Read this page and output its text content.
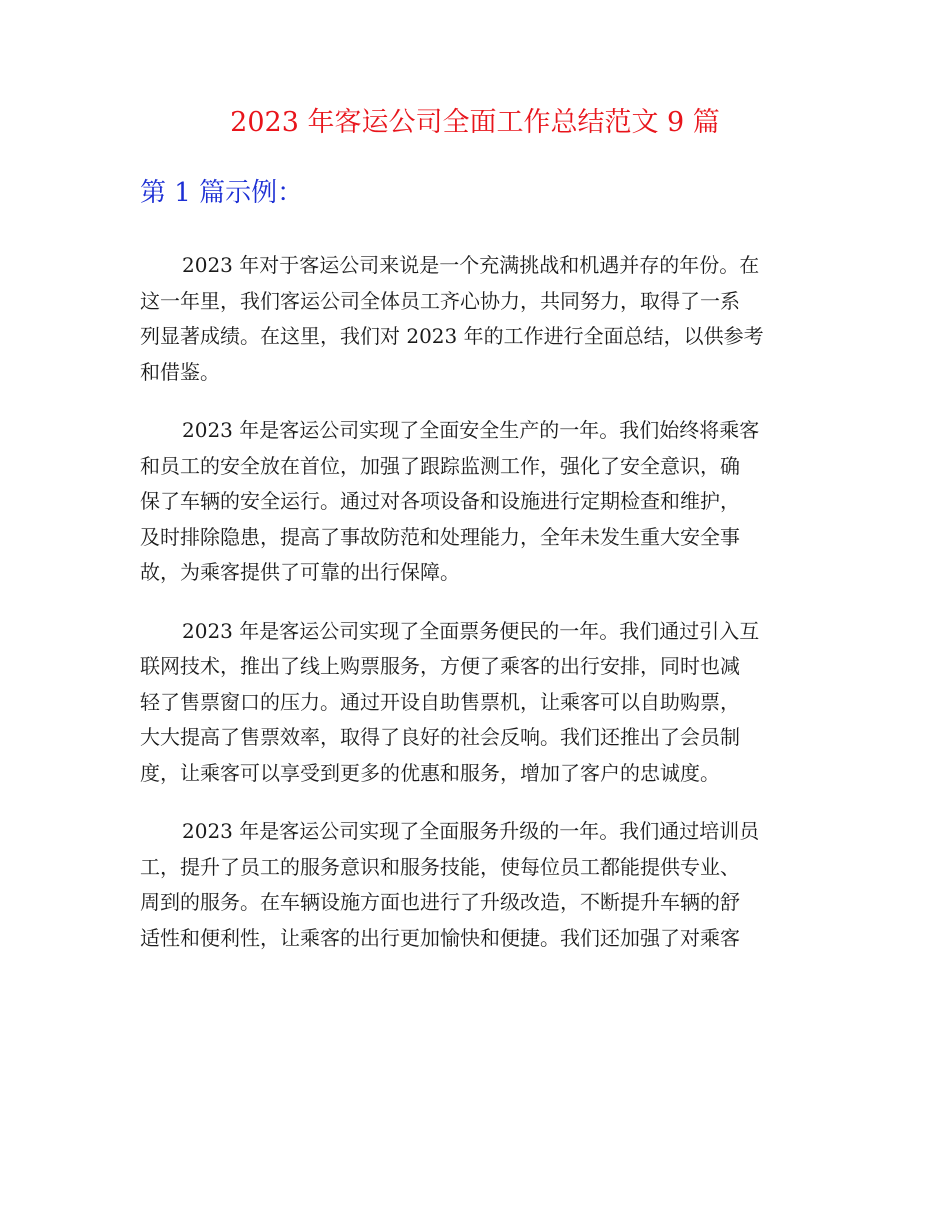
2023 年客运公司全面工作总结范文 9 篇
第 1 篇示例：

2023 年对于客运公司来说是一个充满挑战和机遇并存的年份。在
这一年里，我们客运公司全体员工齐心协力，共同努力，取得了一系
列显著成绩。在这里，我们对 2023 年的工作进行全面总结，以供参考
和借鉴。

2023 年是客运公司实现了全面安全生产的一年。我们始终将乘客
和员工的安全放在首位，加强了跟踪监测工作，强化了安全意识，确
保了车辆的安全运行。通过对各项设备和设施进行定期检查和维护，
及时排除隐患，提高了事故防范和处理能力，全年未发生重大安全事
故，为乘客提供了可靠的出行保障。

2023 年是客运公司实现了全面票务便民的一年。我们通过引入互
联网技术，推出了线上购票服务，方便了乘客的出行安排，同时也减
轻了售票窗口的压力。通过开设自助售票机，让乘客可以自助购票，
大大提高了售票效率，取得了良好的社会反响。我们还推出了会员制
度，让乘客可以享受到更多的优惠和服务，增加了客户的忠诚度。

2023 年是客运公司实现了全面服务升级的一年。我们通过培训员
工，提升了员工的服务意识和服务技能，使每位员工都能提供专业、
周到的服务。在车辆设施方面也进行了升级改造，不断提升车辆的舒
适性和便利性，让乘客的出行更加愉快和便捷。我们还加强了对乘客
